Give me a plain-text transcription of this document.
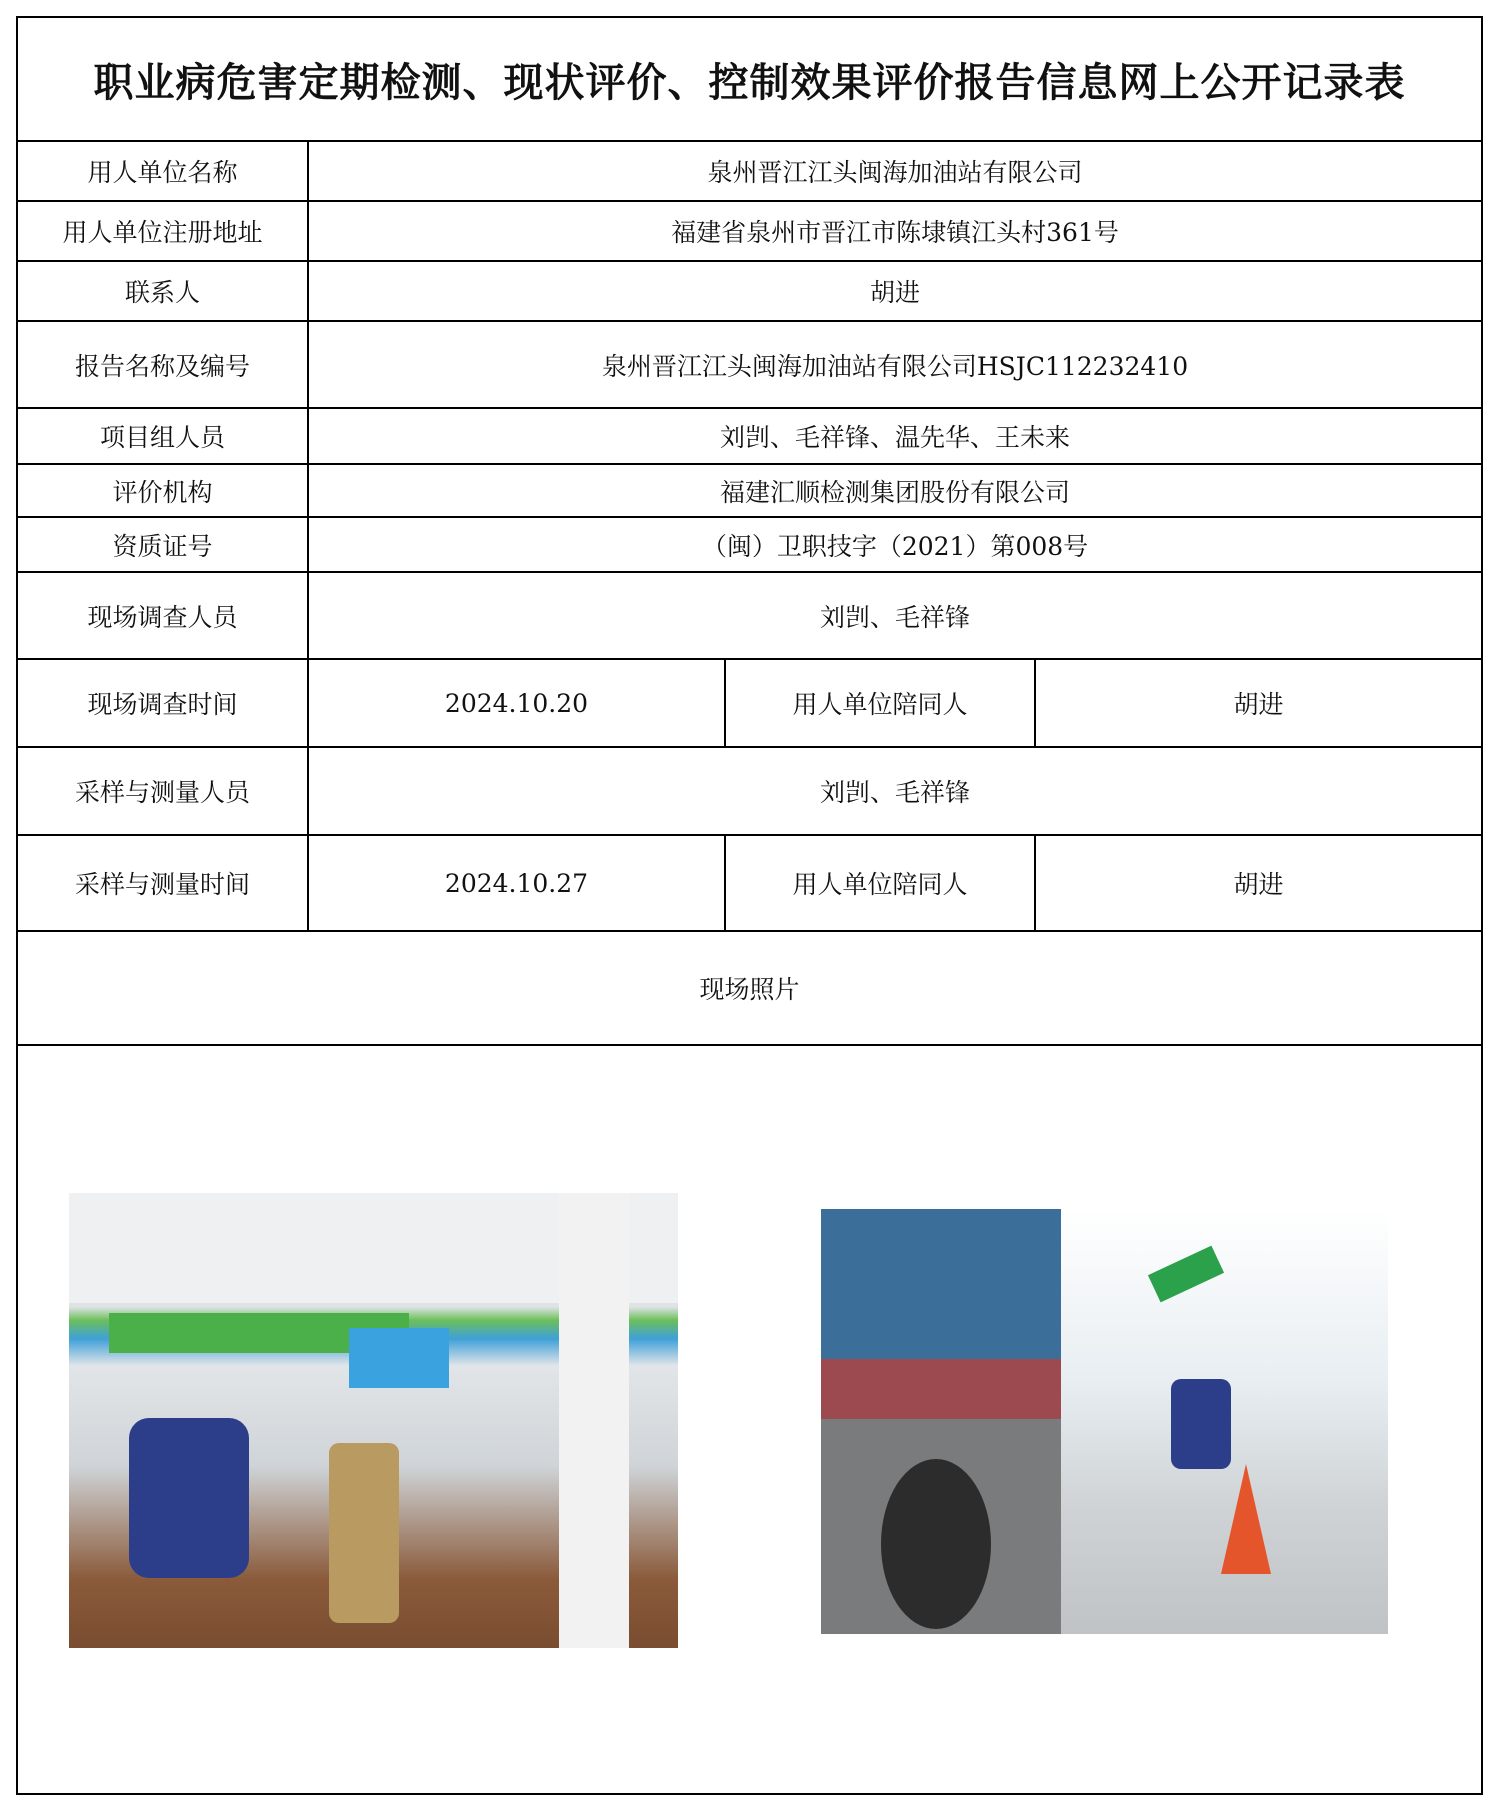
职业病危害定期检测、现状评价、控制效果评价报告信息网上公开记录表
用人单位名称	泉州晋江江头闽海加油站有限公司
用人单位注册地址	福建省泉州市晋江市陈埭镇江头村361号
联系人	胡进
报告名称及编号	泉州晋江江头闽海加油站有限公司HSJC112232410
项目组人员	刘剀、毛祥锋、温先华、王未来
评价机构	福建汇顺检测集团股份有限公司
资质证号	（闽）卫职技字（2021）第008号
现场调查人员	刘剀、毛祥锋
现场调查时间	2024.10.20	用人单位陪同人	胡进
采样与测量人员	刘剀、毛祥锋
采样与测量时间	2024.10.27	用人单位陪同人	胡进
现场照片
